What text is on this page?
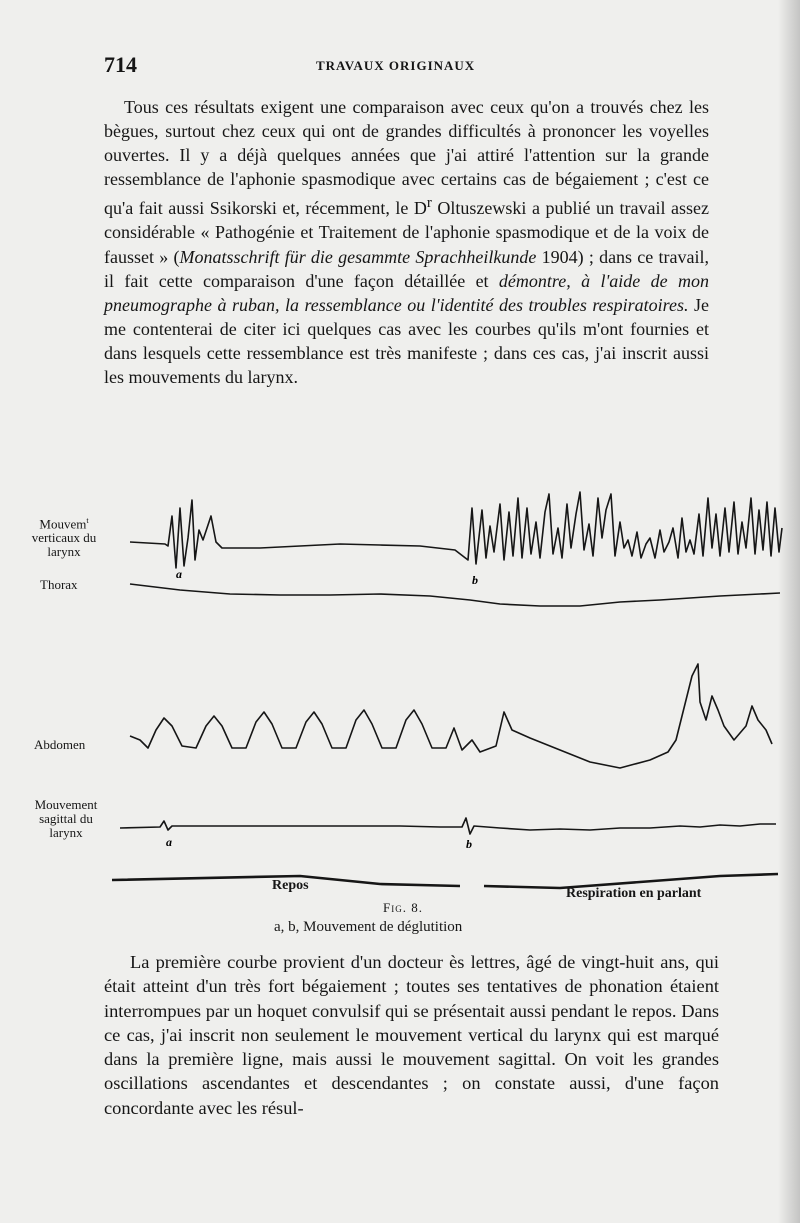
714	TRAVAUX ORIGINAUX

Tous ces résultats exigent une comparaison avec ceux qu'on a trouvés chez les bègues, surtout chez ceux qui ont de grandes difficultés à prononcer les voyelles ouvertes. Il y a déjà quelques années que j'ai attiré l'attention sur la grande ressemblance de l'aphonie spasmodique avec certains cas de bégaiement ; c'est ce qu'a fait aussi Ssikorski et, récemment, le $D^r$ Oltuszewski a publié un travail assez considérable « Pathogénie et Traitement de l'aphonie spasmodique et de la voix de fausset » (Monatsschrift für die gesammte Sprachheilkunde 1904) ; dans ce travail, il fait cette comparaison d'une façon détaillée et démontre, à l'aide de mon pneumographe à ruban, la ressemblance ou l'identité des troubles respiratoires. Je me contenterai de citer ici quelques cas avec les courbes qu'ils m'ont fournies et dans lesquels cette ressemblance est très manifeste ; dans ces cas, j'ai inscrit aussi les mouvements du larynx.

Mouvem$^t$
verticaux du
larynx
Thorax
Abdomen
Mouvement
sagittal du
larynx
a	b
a	b
Repos
Respiration en parlant
Fig. 8.
a, b, Mouvement de déglutition

La première courbe provient d'un docteur ès lettres, âgé de vingt-huit ans, qui était atteint d'un très fort bégaiement ; toutes ses tentatives de phonation étaient interrompues par un hoquet convulsif qui se présentait aussi pendant le repos. Dans ce cas, j'ai inscrit non seulement le mouvement vertical du larynx qui est marqué dans la première ligne, mais aussi le mouvement sagittal. On voit les grandes oscillations ascendantes et descendantes ; on constate aussi, d'une façon concordante avec les résul-
